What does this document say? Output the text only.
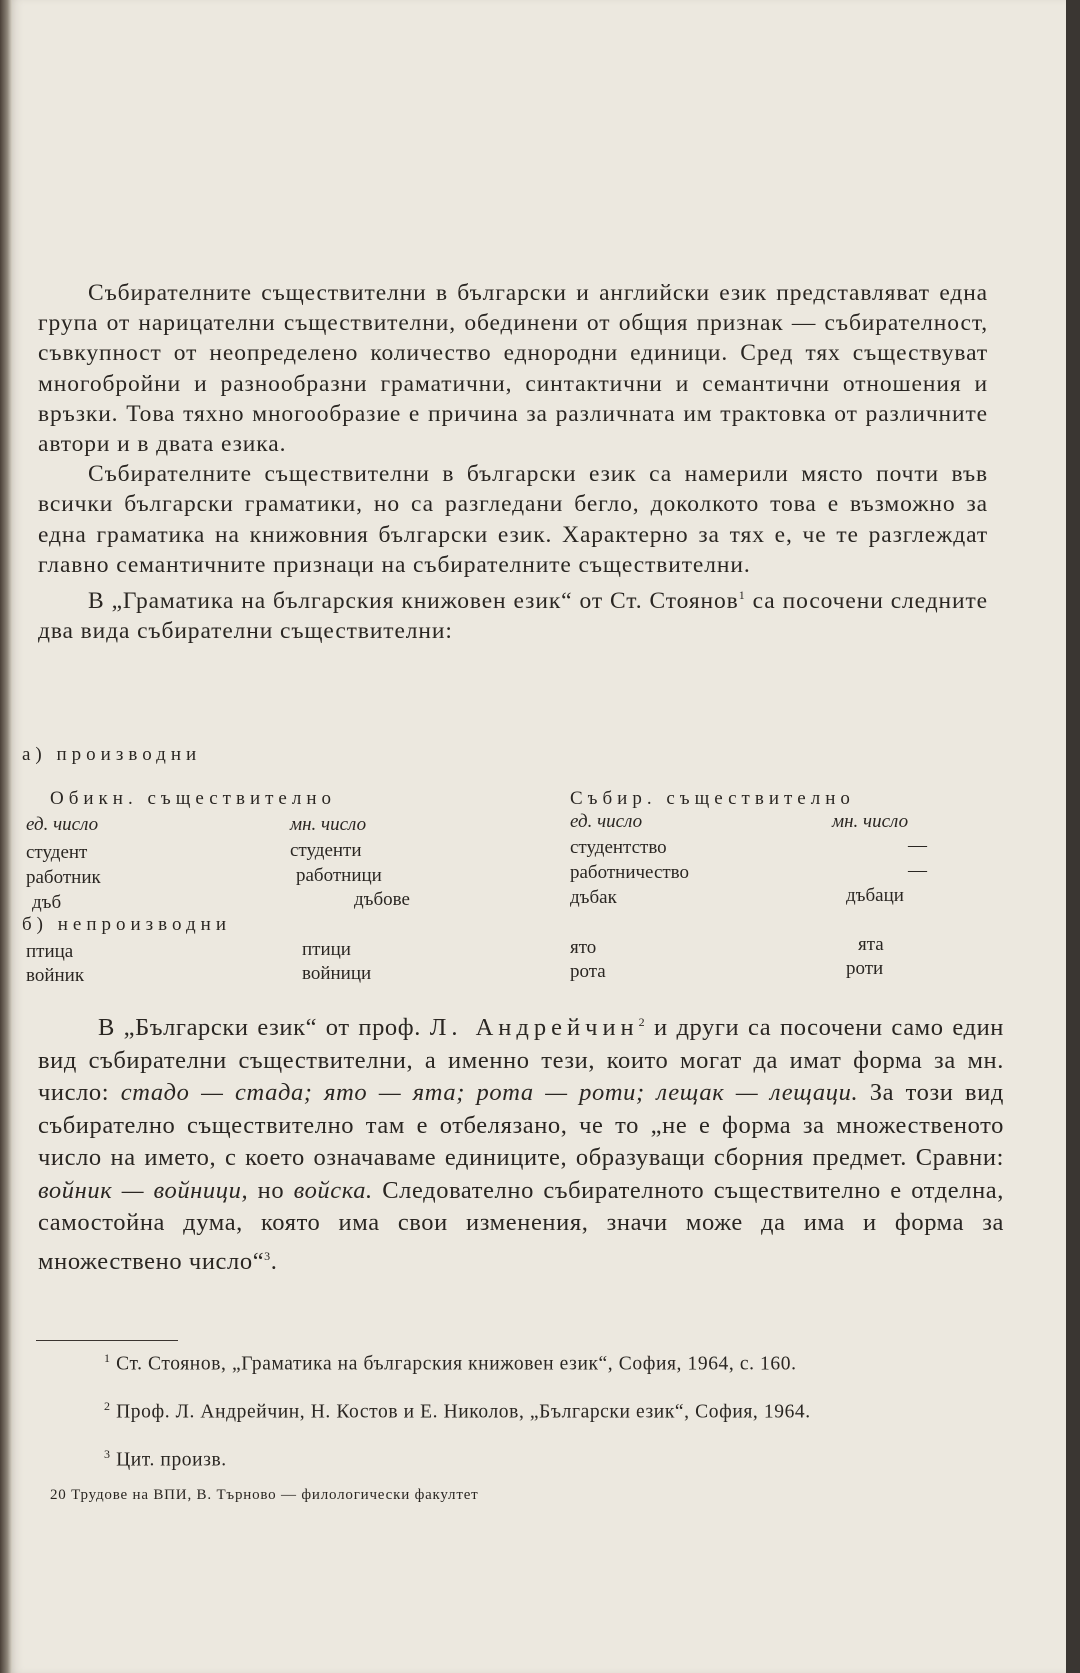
Събирателните съществителни в български и английски език представляват една група от нарицателни съществителни, обединени от общия признак — събирателност, съвкупност от неопределено количество еднородни единици. Сред тях съществуват многобройни и разнообразни граматични, синтактични и семантични отношения и връзки. Това тяхно многообразие е причина за различната им трактовка от различните автори и в двата езика.

Събирателните съществителни в български език са намерили място почти във всички български граматики, но са разгледани бегло, доколкото това е възможно за една граматика на книжовния български език. Характерно за тях е, че те разглеждат главно семантичните признаци на събирателните съществителни.

В „Граматика на българския книжовен език“ от Ст. Стоянов$^1$ са посочени следните два вида събирателни съществителни:

а) производни
Обикн. съществително	Събир. съществително
ед. число	мн. число	ед. число	мн. число
студент	студенти	студентство	—
работник	работници	работничество	—
дъб	дъбове	дъбак	дъбаци
б) непроизводни
птица	птици	ято	ята
войник	войници	рота	роти

В „Български език“ от проф. Л. Андрейчин$^2$ и други са посочени само един вид събирателни съществителни, а именно тези, които могат да имат форма за мн. число: стадо — стада; ято — ята; рота — роти; лещак — лещаци. За този вид събирателно съществително там е отбелязано, че то „не е форма за множественото число на името, с което означаваме единиците, образуващи сборния предмет. Сравни: войник — войници, но войска. Следователно събирателното съществително е отделна, самостойна дума, която има свои изменения, значи може да има и форма за множествено число“$^3$.

$^1$ Ст. Стоянов, „Граматика на българския книжовен език“, София, 1964, с. 160.

$^2$ Проф. Л. Андрейчин, Н. Костов и Е. Николов, „Български език“, София, 1964.

$^3$ Цит. произв.

20 Трудове на ВПИ, В. Търново — филологически факултет
